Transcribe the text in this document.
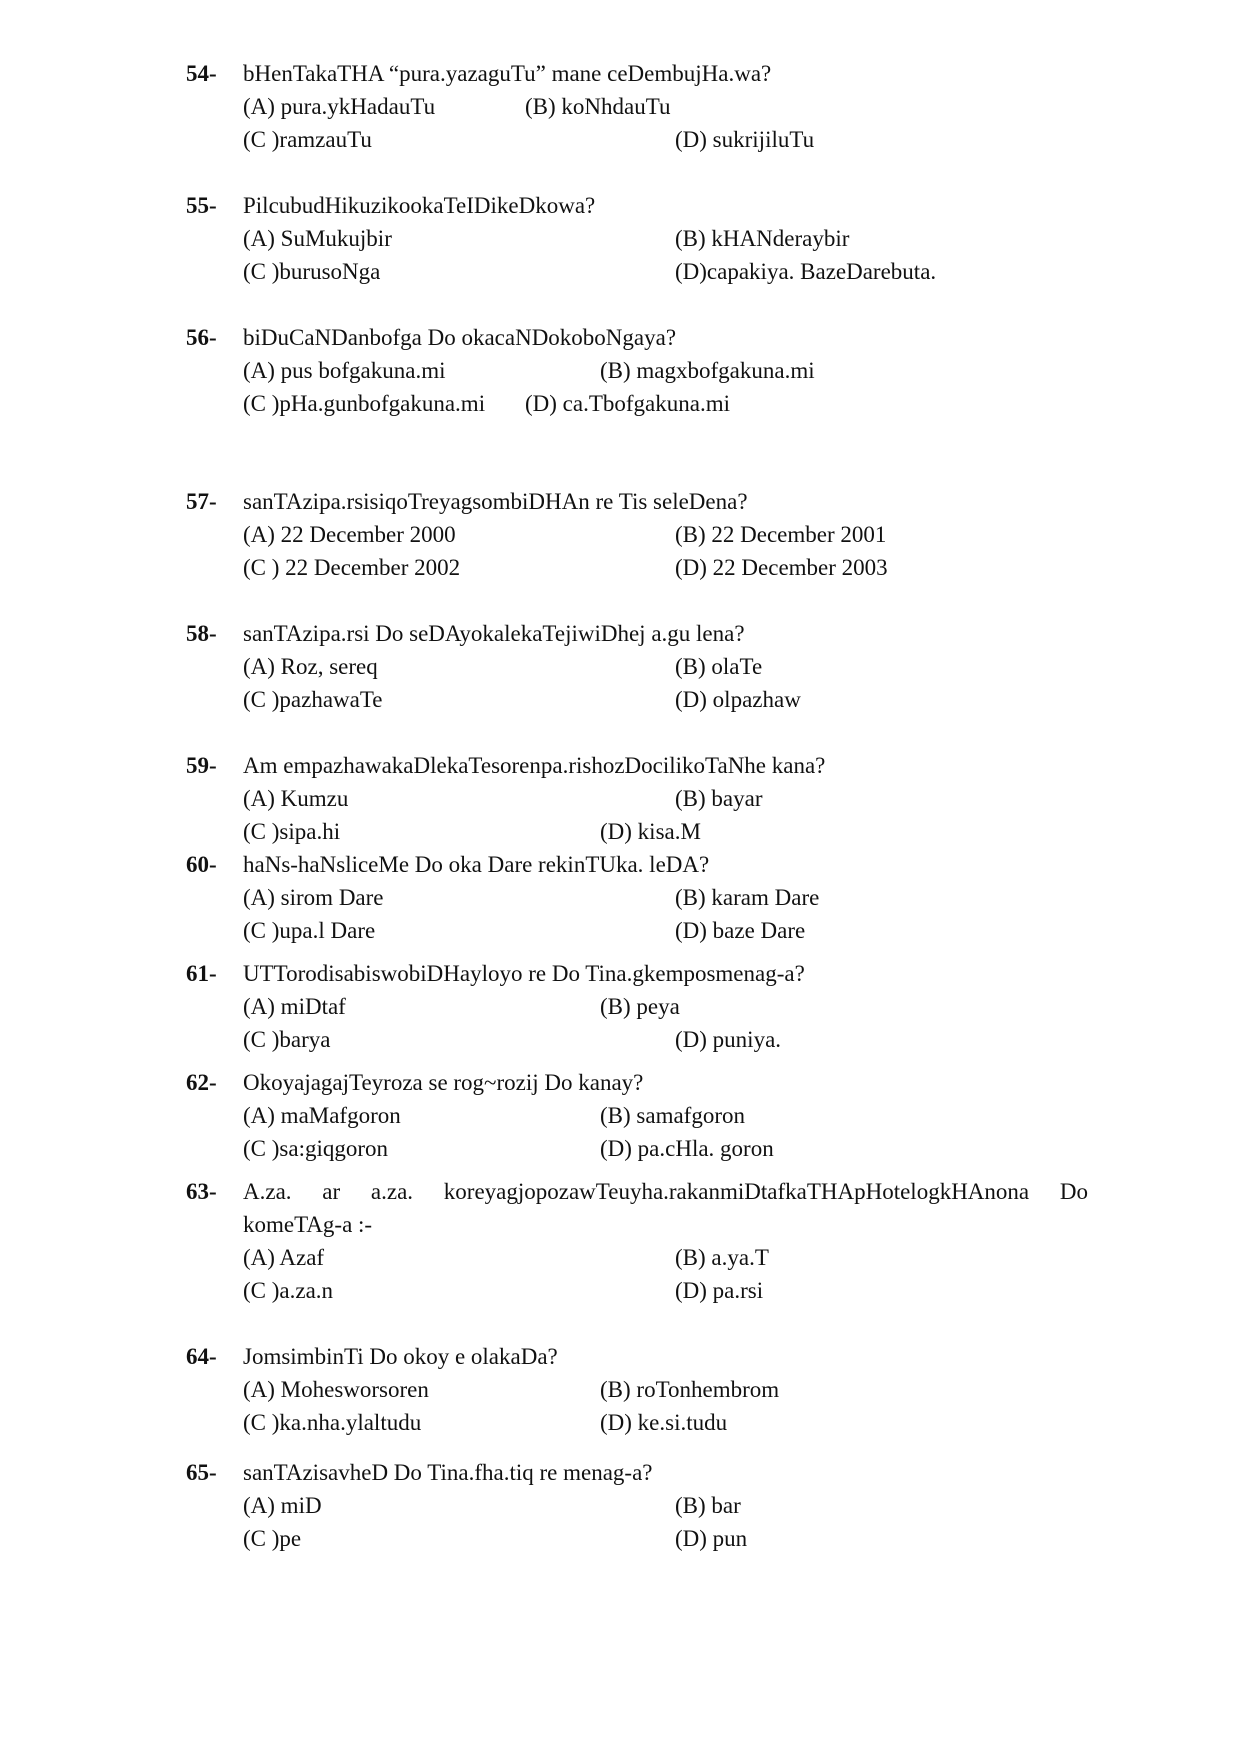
54- bHenTakaTHA “pura.yazaguTu” mane ceDembujHa.wa?
(A) pura.ykHadauTu	(B) koNhdauTu
(C )ramzauTu	(D) sukrijiluTu
55- PilcubudHikuzikookaTeIDikeDkowa?
(A) SuMukujbir	(B) kHANderaybir
(C )burusoNga	(D)capakiya. BazeDarebuta.
56- biDuCaNDanbofga Do okacaNDokoboNgaya?
(A) pus bofgakuna.mi	(B) magxbofgakuna.mi
(C )pHa.gunbofgakuna.mi (D) ca.Tbofgakuna.mi
57- sanTAzipa.rsisiqoTreyagsombiDHAn re Tis seleDena?
(A) 22 December 2000	(B) 22 December 2001
(C ) 22 December 2002	(D) 22 December 2003
58- sanTAzipa.rsi Do seDAyokalekaTejiwiDhej a.gu lena?
(A) Roz, sereq	(B) olaTe
(C )pazhawaTe	(D) olpazhaw
59- Am empazhawakaDlekaTesorenpa.rishozDocilikoTaNhe kana?
(A) Kumzu	(B) bayar
(C )sipa.hi	(D) kisa.M
60- haNs-haNsliceMe Do oka Dare rekinTUka. leDA?
(A) sirom Dare	(B) karam Dare
(C )upa.l Dare	(D) baze Dare
61- UTTorodisabiswobiDHayloyo re Do Tina.gkemposmenag-a?
(A) miDtaf	(B) peya
(C )barya	(D) puniya.
62- OkoyajagajTeyroza se rog~rozij Do kanay?
(A) maMafgoron	(B) samafgoron
(C )sa:giqgoron	(D) pa.cHla. goron
63- A.za. ar a.za. koreyagjopozawTeuyha.rakanmiDtafkaTHApHotelogkHAnona Do komeTAg-a :-
(A) Azaf	(B) a.ya.T
(C )a.za.n	(D) pa.rsi
64- JomsimbinTi Do okoy e olakaDa?
(A) Mohesworsoren	(B) roTonhembrom
(C )ka.nha.ylaltudu	(D) ke.si.tudu
65- sanTAzisavheD Do Tina.fha.tiq re menag-a?
(A) miD	(B) bar
(C )pe	(D) pun
